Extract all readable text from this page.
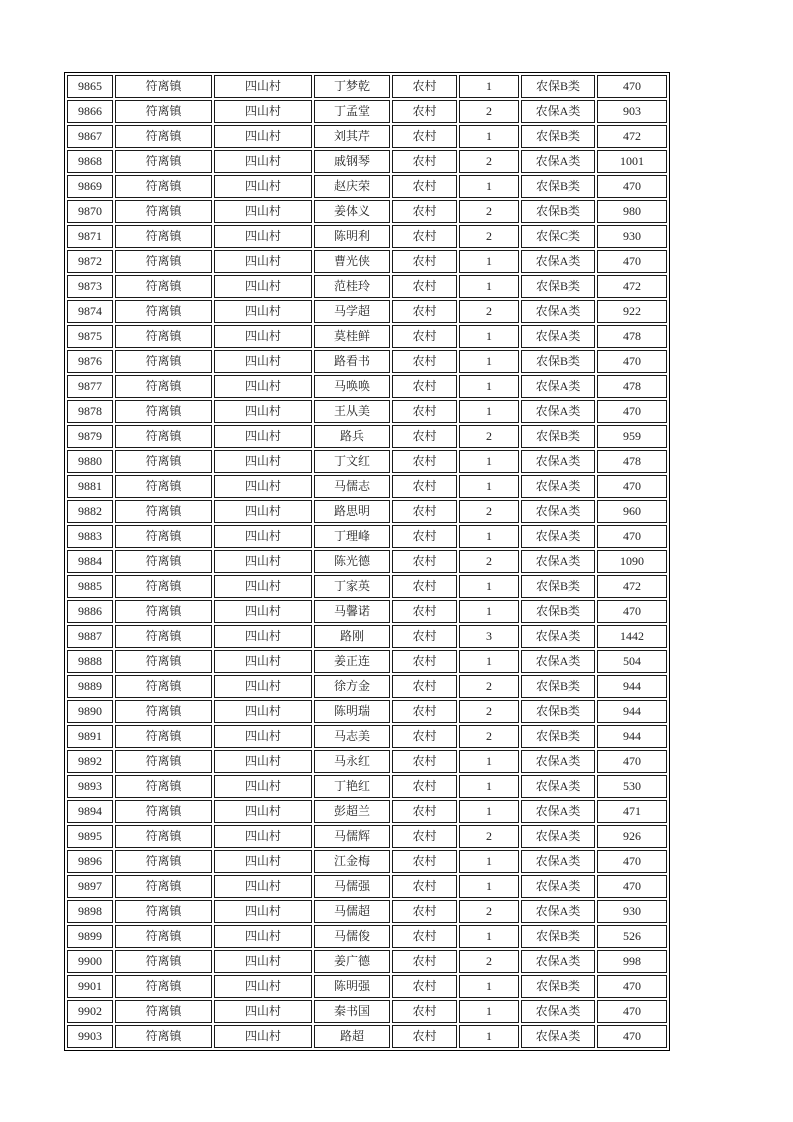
9865	符离镇	四山村	丁梦乾	农村	1	农保B类	470
9866	符离镇	四山村	丁孟堂	农村	2	农保A类	903
9867	符离镇	四山村	刘其芹	农村	1	农保B类	472
9868	符离镇	四山村	戚钢琴	农村	2	农保A类	1001
9869	符离镇	四山村	赵庆荣	农村	1	农保B类	470
9870	符离镇	四山村	姜体义	农村	2	农保B类	980
9871	符离镇	四山村	陈明利	农村	2	农保C类	930
9872	符离镇	四山村	曹光侠	农村	1	农保A类	470
9873	符离镇	四山村	范桂玲	农村	1	农保B类	472
9874	符离镇	四山村	马学超	农村	2	农保A类	922
9875	符离镇	四山村	莫桂鲜	农村	1	农保A类	478
9876	符离镇	四山村	路看书	农村	1	农保B类	470
9877	符离镇	四山村	马唤唤	农村	1	农保A类	478
9878	符离镇	四山村	王从美	农村	1	农保A类	470
9879	符离镇	四山村	路兵	农村	2	农保B类	959
9880	符离镇	四山村	丁文红	农村	1	农保A类	478
9881	符离镇	四山村	马儒志	农村	1	农保A类	470
9882	符离镇	四山村	路思明	农村	2	农保A类	960
9883	符离镇	四山村	丁理峰	农村	1	农保A类	470
9884	符离镇	四山村	陈光德	农村	2	农保A类	1090
9885	符离镇	四山村	丁家英	农村	1	农保B类	472
9886	符离镇	四山村	马馨诺	农村	1	农保B类	470
9887	符离镇	四山村	路刚	农村	3	农保A类	1442
9888	符离镇	四山村	姜正连	农村	1	农保A类	504
9889	符离镇	四山村	徐方金	农村	2	农保B类	944
9890	符离镇	四山村	陈明瑞	农村	2	农保B类	944
9891	符离镇	四山村	马志美	农村	2	农保B类	944
9892	符离镇	四山村	马永红	农村	1	农保A类	470
9893	符离镇	四山村	丁艳红	农村	1	农保A类	530
9894	符离镇	四山村	彭超兰	农村	1	农保A类	471
9895	符离镇	四山村	马儒辉	农村	2	农保A类	926
9896	符离镇	四山村	江金梅	农村	1	农保A类	470
9897	符离镇	四山村	马儒强	农村	1	农保A类	470
9898	符离镇	四山村	马儒超	农村	2	农保A类	930
9899	符离镇	四山村	马儒俊	农村	1	农保B类	526
9900	符离镇	四山村	姜广德	农村	2	农保A类	998
9901	符离镇	四山村	陈明强	农村	1	农保B类	470
9902	符离镇	四山村	秦书国	农村	1	农保A类	470
9903	符离镇	四山村	路超	农村	1	农保A类	470
